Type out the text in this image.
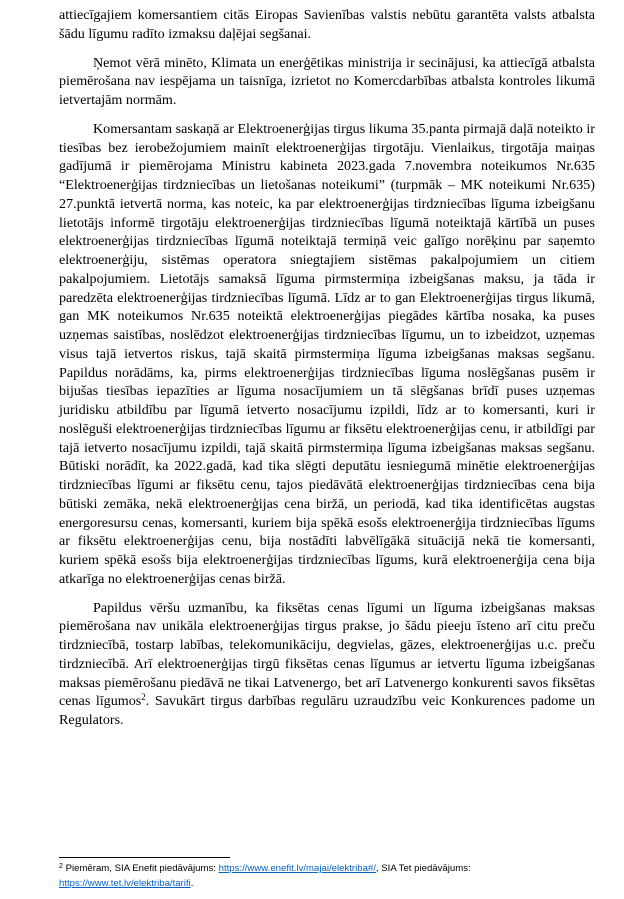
attiecīgajiem komersantiem citās Eiropas Savienības valstis nebūtu garantēta valsts atbalsta šādu līgumu radīto izmaksu daļējai segšanai.

Ņemot vērā minēto, Klimata un enerģētikas ministrija ir secinājusi, ka attiecīgā atbalsta piemērošana nav iespējama un taisnīga, izrietot no Komercdarbības atbalsta kontroles likumā ietvertajām normām.

Komersantam saskaņā ar Elektroenerģijas tirgus likuma 35.panta pirmajā daļā noteikto ir tiesības bez ierobežojumiem mainīt elektroenerģijas tirgotāju. Vienlaikus, tirgotāja maiņas gadījumā ir piemērojama Ministru kabineta 2023.gada 7.novembra noteikumos Nr.635 “Elektroenerģijas tirdzniecības un lietošanas noteikumi” (turpmāk – MK noteikumi Nr.635) 27.punktā ietvertā norma, kas noteic, ka par elektroenerģijas tirdzniecības līguma izbeigšanu lietotājs informē tirgotāju elektroenerģijas tirdzniecības līgumā noteiktajā kārtībā un puses elektroenerģijas tirdzniecības līgumā noteiktajā termiņā veic galīgo norēķinu par saņemto elektroenerģiju, sistēmas operatora sniegtajiem sistēmas pakalpojumiem un citiem pakalpojumiem. Lietotājs samaksā līguma pirmstermiņa izbeigšanas maksu, ja tāda ir paredzēta elektroenerģijas tirdzniecības līgumā. Līdz ar to gan Elektroenerģijas tirgus likumā, gan MK noteikumos Nr.635 noteiktā elektroenerģijas piegādes kārtība nosaka, ka puses uzņemas saistības, noslēdzot elektroenerģijas tirdzniecības līgumu, un to izbeidzot, uzņemas visus tajā ietvertos riskus, tajā skaitā pirmstermiņa līguma izbeigšanas maksas segšanu. Papildus norādāms, ka, pirms elektroenerģijas tirdzniecības līguma noslēgšanas pusēm ir bijušas tiesības iepazīties ar līguma nosacījumiem un tā slēgšanas brīdī puses uzņemas juridisku atbildību par līgumā ietverto nosacījumu izpildi, līdz ar to komersanti, kuri ir noslēguši elektroenerģijas tirdzniecības līgumu ar fiksētu elektroenerģijas cenu, ir atbildīgi par tajā ietverto nosacījumu izpildi, tajā skaitā pirmstermiņa līguma izbeigšanas maksas segšanu. Būtiski norādīt, ka 2022.gadā, kad tika slēgti deputātu iesniegumā minētie elektroenerģijas tirdzniecības līgumi ar fiksētu cenu, tajos piedāvātā elektroenerģijas tirdzniecības cena bija būtiski zemāka, nekā elektroenerģijas cena biržā, un periodā, kad tika identificētas augstas energoresursu cenas, komersanti, kuriem bija spēkā esošs elektroenerģija tirdzniecības līgums ar fiksētu elektroenerģijas cenu, bija nostādīti labvēlīgākā situācijā nekā tie komersanti, kuriem spēkā esošs bija elektroenerģijas tirdzniecības līgums, kurā elektroenerģija cena bija atkarīga no elektroenerģijas cenas biržā.

Papildus vēršu uzmanību, ka fiksētas cenas līgumi un līguma izbeigšanas maksas piemērošana nav unikāla elektroenerģijas tirgus prakse, jo šādu pieeju īsteno arī citu preču tirdzniecībā, tostarp labības, telekomunikāciju, degvielas, gāzes, elektroenerģijas u.c. preču tirdzniecībā. Arī elektroenerģijas tirgū fiksētas cenas līgumus ar ietvertu līguma izbeigšanas maksas piemērošanu piedāvā ne tikai Latvenergo, bet arī Latvenergo konkurenti savos fiksētas cenas līgumos$^2$. Savukārt tirgus darbības regulāru uzraudzību veic Konkurences padome un Regulators.

$^2$ Piemēram, SIA Enefit piedāvājums: https://www.enefit.lv/majai/elektriba#/, SIA Tet piedāvājums:
https://www.tet.lv/elektriba/tarifi.
